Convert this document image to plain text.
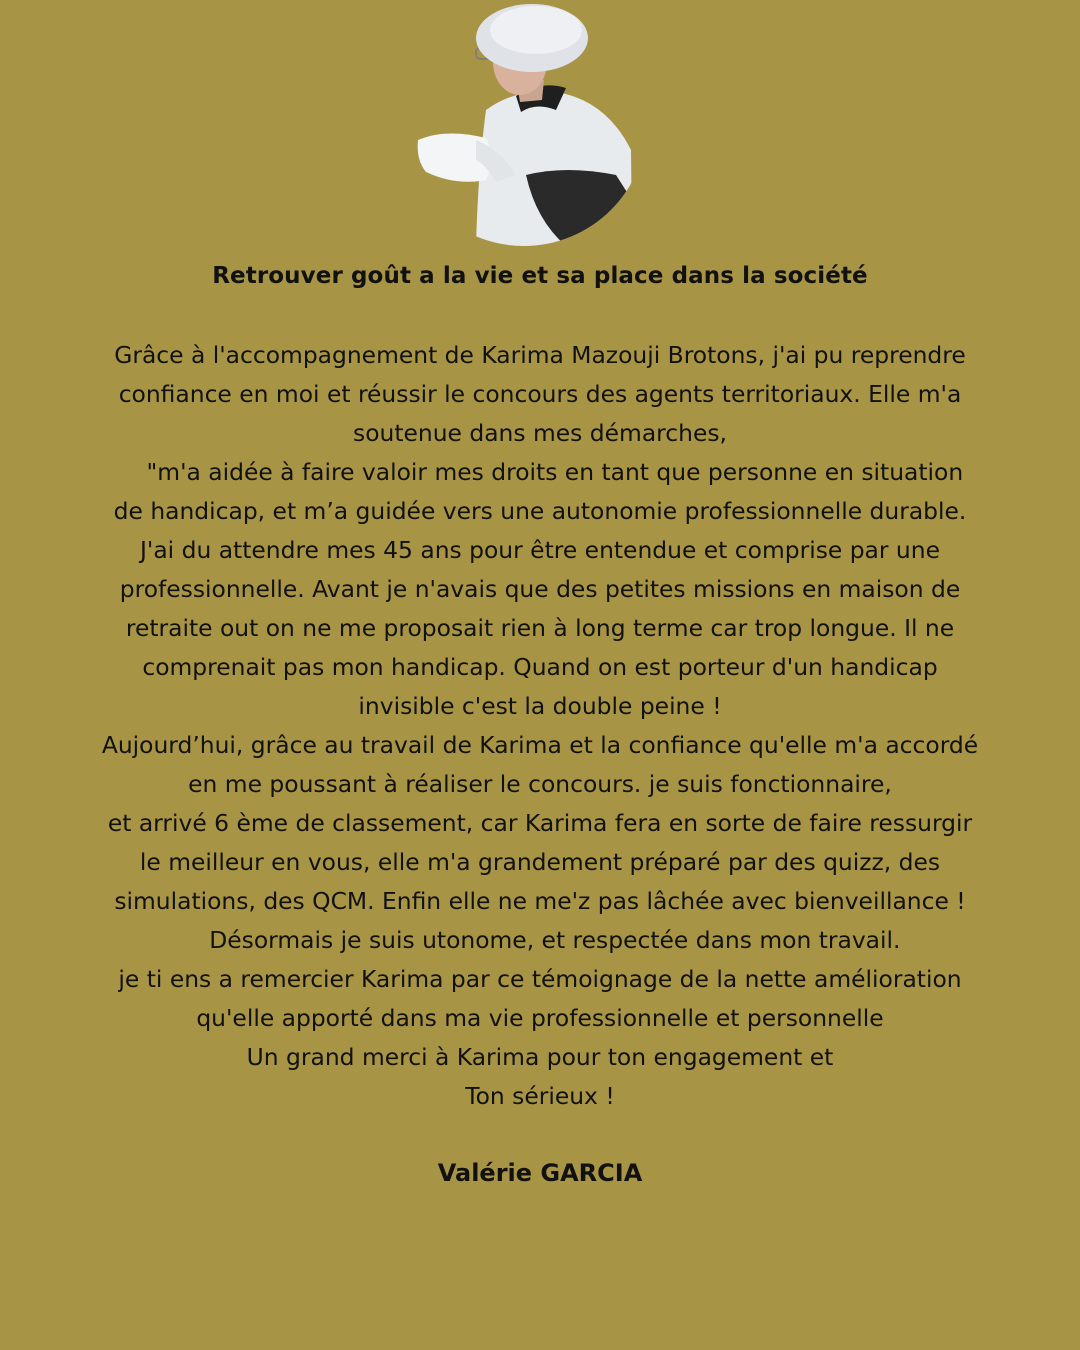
Retrouver goût a la vie et sa place dans la société

Grâce à l'accompagnement de Karima Mazouji Brotons, j'ai pu reprendre
confiance en moi et réussir le concours des agents territoriaux. Elle m'a
soutenue dans mes démarches,
"m'a aidée à faire valoir mes droits en tant que personne en situation
de handicap, et m’a guidée vers une autonomie professionnelle durable.
J'ai du attendre mes 45 ans pour être entendue et comprise par une
professionnelle. Avant je n'avais que des petites missions en maison de
retraite out on ne me proposait rien à long terme car trop longue. Il ne
comprenait pas mon handicap. Quand on est porteur d'un handicap
invisible c'est la double peine !
Aujourd’hui, grâce au travail de Karima et la confiance qu'elle m'a accordé
en me poussant à réaliser le concours. je suis fonctionnaire,
et arrivé 6 ème de classement, car Karima fera en sorte de faire ressurgir
le meilleur en vous, elle m'a grandement préparé par des quizz, des
simulations, des QCM. Enfin elle ne me'z pas lâchée avec bienveillance !
Désormais je suis utonome, et respectée dans mon travail.
je ti ens a remercier Karima par ce témoignage de la nette amélioration
qu'elle apporté dans ma vie professionnelle et personnelle
Un grand merci à Karima pour ton engagement et
Ton sérieux !

Valérie GARCIA
